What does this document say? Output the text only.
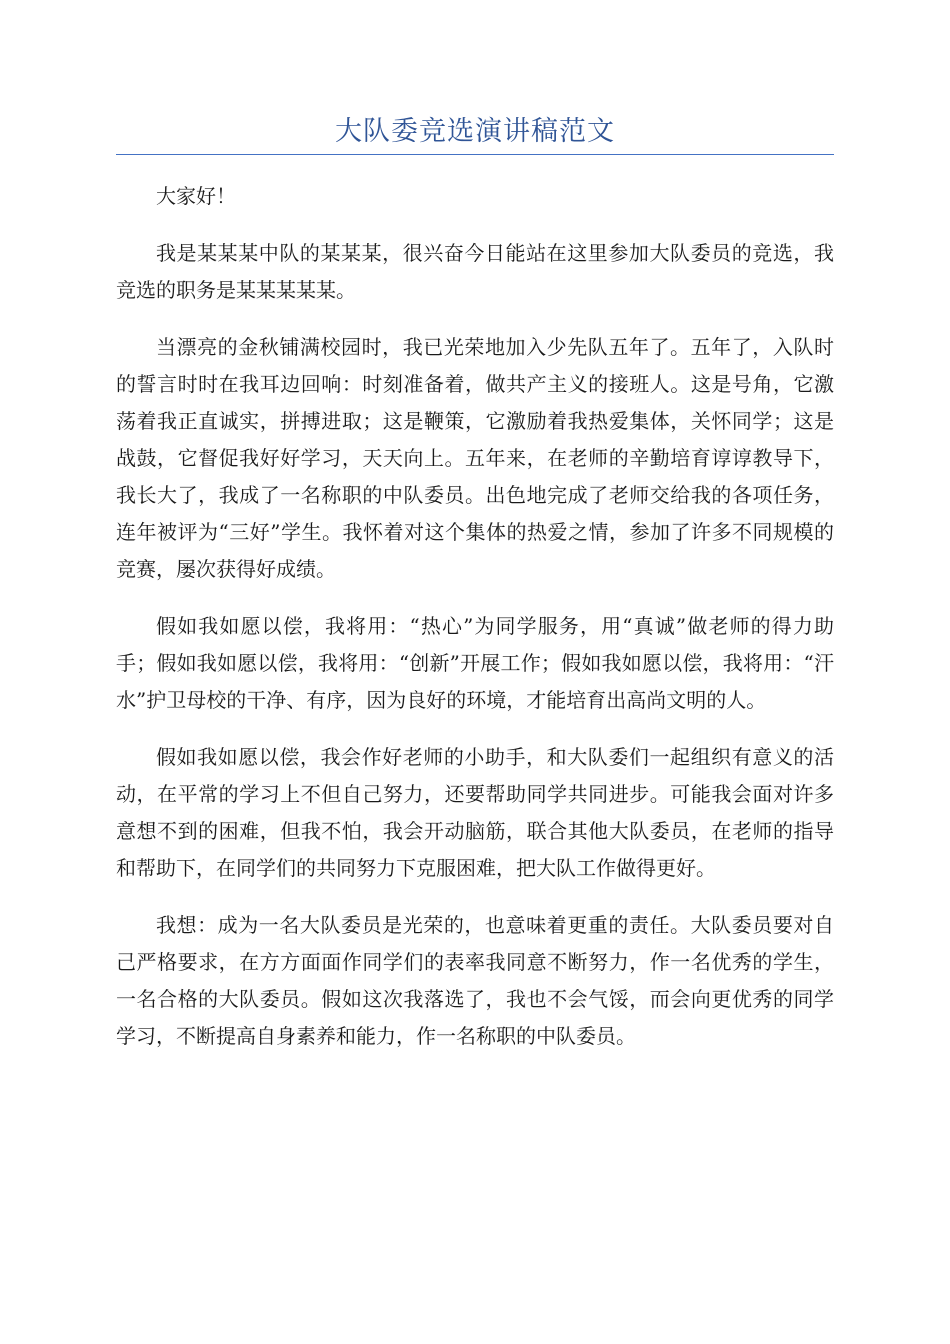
大队委竞选演讲稿范文

大家好！

我是某某某中队的某某某，很兴奋今日能站在这里参加大队委员的竞选，我竞选的职务是某某某某某。

当漂亮的金秋铺满校园时，我已光荣地加入少先队五年了。五年了，入队时的誓言时时在我耳边回响：时刻准备着，做共产主义的接班人。这是号角，它激荡着我正直诚实，拼搏进取；这是鞭策，它激励着我热爱集体，关怀同学；这是战鼓，它督促我好好学习，天天向上。五年来，在老师的辛勤培育谆谆教导下，我长大了，我成了一名称职的中队委员。出色地完成了老师交给我的各项任务，连年被评为“三好”学生。我怀着对这个集体的热爱之情，参加了许多不同规模的竞赛，屡次获得好成绩。

假如我如愿以偿，我将用：“热心”为同学服务，用“真诚”做老师的得力助手；假如我如愿以偿，我将用：“创新”开展工作；假如我如愿以偿，我将用：“汗水”护卫母校的干净、有序，因为良好的环境，才能培育出高尚文明的人。

假如我如愿以偿，我会作好老师的小助手，和大队委们一起组织有意义的活动，在平常的学习上不但自己努力，还要帮助同学共同进步。可能我会面对许多意想不到的困难，但我不怕，我会开动脑筋，联合其他大队委员，在老师的指导和帮助下，在同学们的共同努力下克服困难，把大队工作做得更好。

我想：成为一名大队委员是光荣的，也意味着更重的责任。大队委员要对自己严格要求，在方方面面作同学们的表率我同意不断努力，作一名优秀的学生，一名合格的大队委员。假如这次我落选了，我也不会气馁，而会向更优秀的同学学习，不断提高自身素养和能力，作一名称职的中队委员。
